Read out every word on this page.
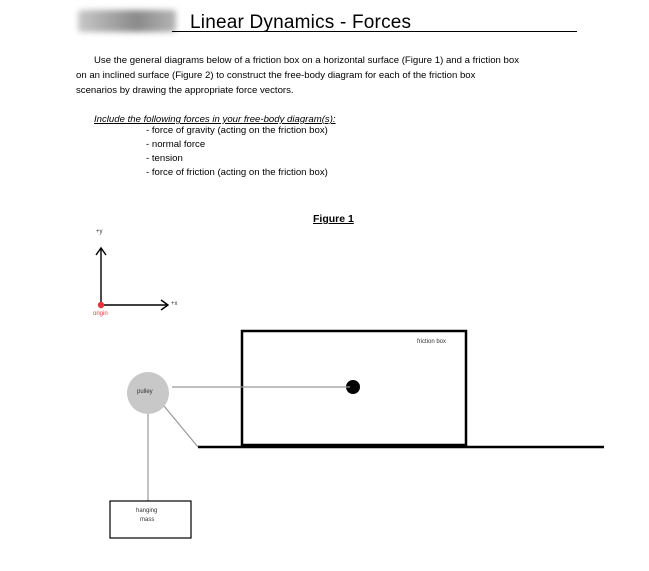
Linear Dynamics - Forces
Use the general diagrams below of a friction box on a horizontal surface (Figure 1) and a friction box
on an inclined surface (Figure 2) to construct the free-body diagram for each of the friction box
scenarios by drawing the appropriate force vectors.
Include the following forces in your free-body diagram(s):
- force of gravity (acting on the friction box)
- normal force
- tension
- force of friction (acting on the friction box)
Figure 1
+y
+x
origin
pulley
friction box
hanging
mass
